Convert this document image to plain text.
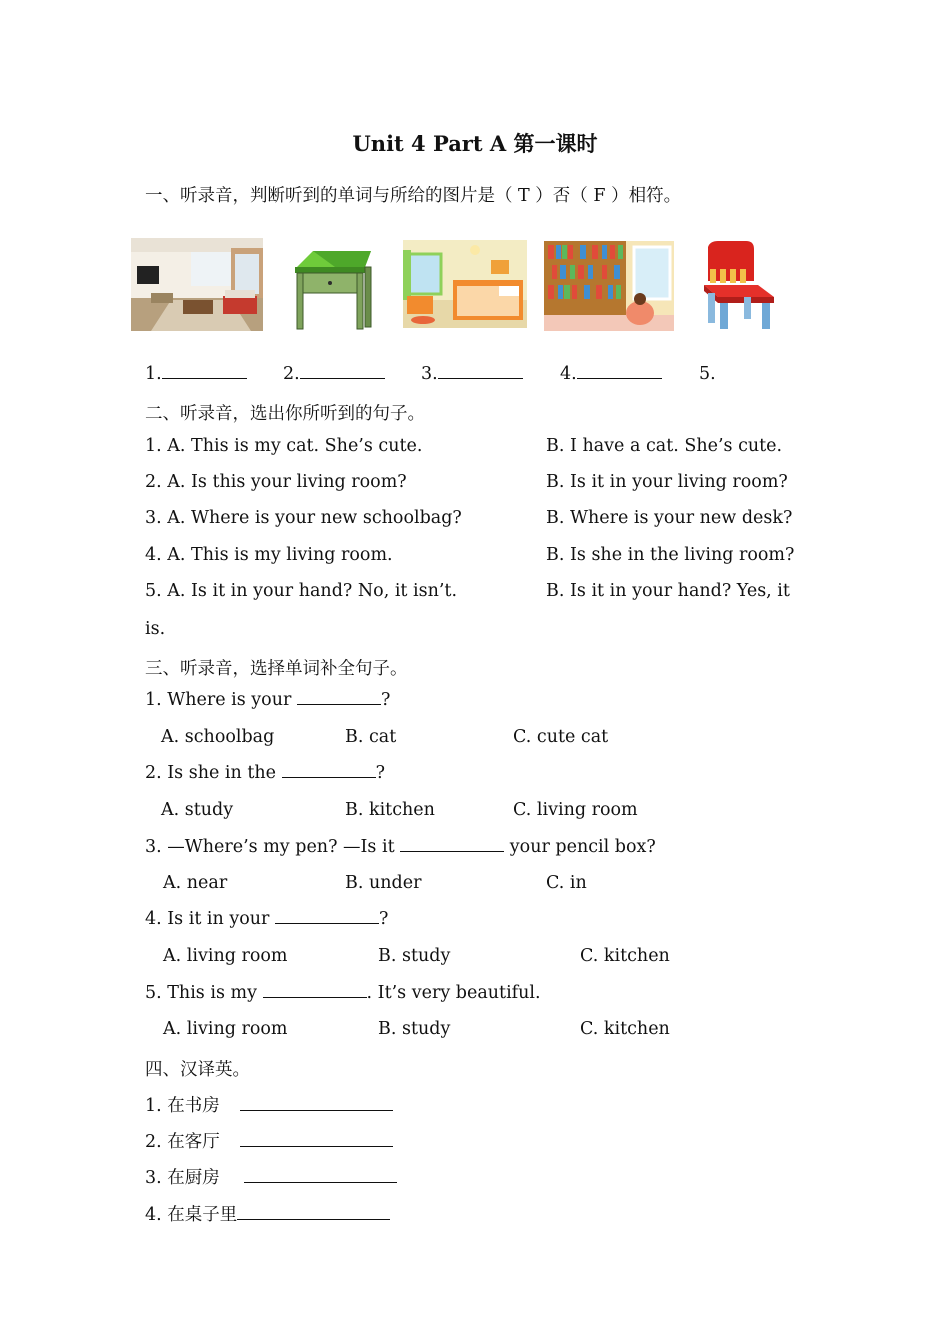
Unit 4 Part A 第一课时
一、听录音，判断听到的单词与所给的图片是（ T ）否（ F ）相符。
1.	2.	3.	4.	5.
二、听录音，选出你所听到的句子。
1. A. This is my cat. She’s cute.	B. I have a cat. She’s cute.
2. A. Is this your living room?	B. Is it in your living room?
3. A. Where is your new schoolbag?	B. Where is your new desk?
4. A. This is my living room.	B. Is she in the living room?
5. A. Is it in your hand? No, it isn’t.	B. Is it in your hand? Yes, it
is.
三、听录音，选择单词补全句子。
1. Where is your	?
A. schoolbag	B. cat	C. cute cat
2. Is she in the	?
A. study	B. kitchen	C. living room
3. —Where’s my pen? —Is it	your pencil box?
A. near	B. under	C. in
4. Is it in your	?
A. living room	B. study	C. kitchen
5. This is my	. It’s very beautiful.
A. living room	B. study	C. kitchen
四、汉译英。
1. 在书房
2. 在客厅
3. 在厨房
4. 在桌子里
